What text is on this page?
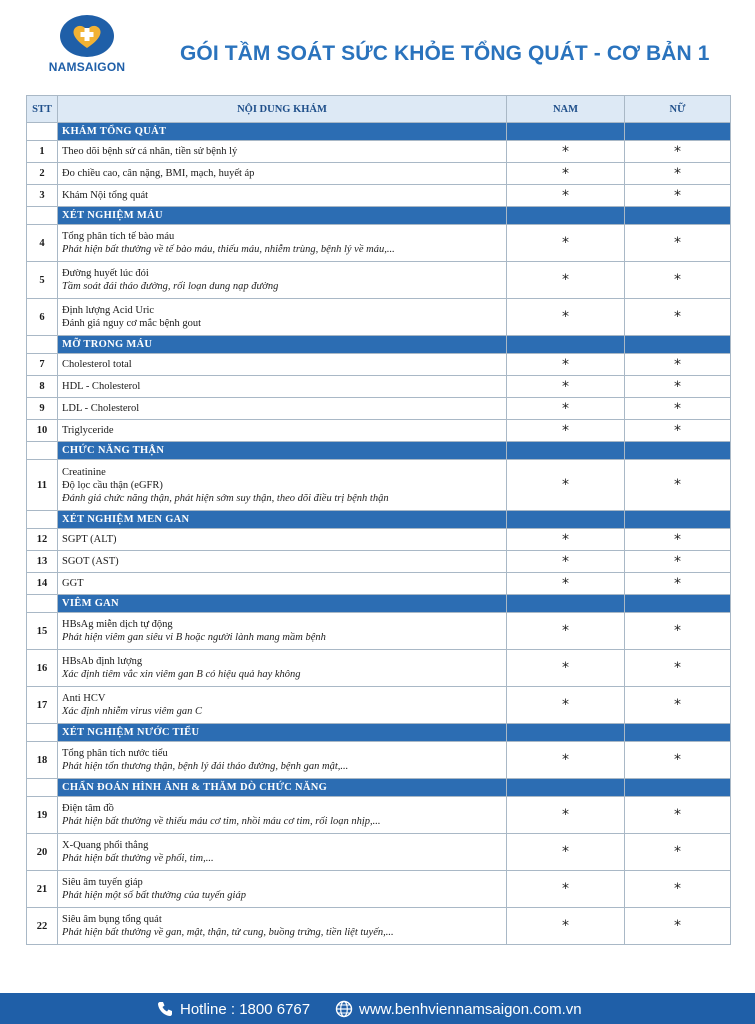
NAMSAIGON
GÓI TẦM SOÁT SỨC KHỎE TỔNG QUÁT - CƠ BẢN 1
STT	NỘI DUNG KHÁM	NAM	NỮ
	KHÁM TỔNG QUÁT		
1	Theo dõi bệnh sử cá nhân, tiền sử bệnh lý	*	*
2	Đo chiều cao, cân nặng, BMI, mạch, huyết áp	*	*
3	Khám Nội tổng quát	*	*
	XÉT NGHIỆM MÁU		
4	Tổng phân tích tế bào máu
Phát hiện bất thường về tế bào máu, thiếu máu, nhiễm trùng, bệnh lý về máu,...	*	*
5	Đường huyết lúc đói
Tầm soát đái tháo đường, rối loạn dung nạp đường	*	*
6	Định lượng Acid Uric
Đánh giá nguy cơ mắc bệnh gout	*	*
	MỠ TRONG MÁU		
7	Cholesterol total	*	*
8	HDL - Cholesterol	*	*
9	LDL - Cholesterol	*	*
10	Triglyceride	*	*
	CHỨC NĂNG THẬN		
11	Creatinine
Độ lọc cầu thận (eGFR)
Đánh giá chức năng thận, phát hiện sớm suy thận, theo dõi điều trị bệnh thận	*	*
	XÉT NGHIỆM MEN GAN		
12	SGPT (ALT)	*	*
13	SGOT (AST)	*	*
14	GGT	*	*
	VIÊM GAN		
15	HBsAg miễn dịch tự động
Phát hiện viêm gan siêu vi B hoặc người lành mang mầm bệnh	*	*
16	HBsAb định lượng
Xác định tiêm vắc xin viêm gan B có hiệu quả hay không	*	*
17	Anti HCV
Xác định nhiễm virus viêm gan C	*	*
	XÉT NGHIỆM NƯỚC TIỂU		
18	Tổng phân tích nước tiểu
Phát hiện tổn thương thận, bệnh lý đái tháo đường, bệnh gan mật,...	*	*
	CHẨN ĐOÁN HÌNH ẢNH & THĂM DÒ CHỨC NĂNG		
19	Điện tâm đồ
Phát hiện bất thường về thiếu máu cơ tim, nhồi máu cơ tim, rối loạn nhịp,...	*	*
20	X-Quang phổi thẳng
Phát hiện bất thường về phổi, tim,...	*	*
21	Siêu âm tuyến giáp
Phát hiện một số bất thường của tuyến giáp	*	*
22	Siêu âm bụng tổng quát
Phát hiện bất thường về gan, mật, thận, tử cung, buồng trứng, tiền liệt tuyến,...	*	*
Hotline : 1800 6767	www.benhviennamsaigon.com.vn
